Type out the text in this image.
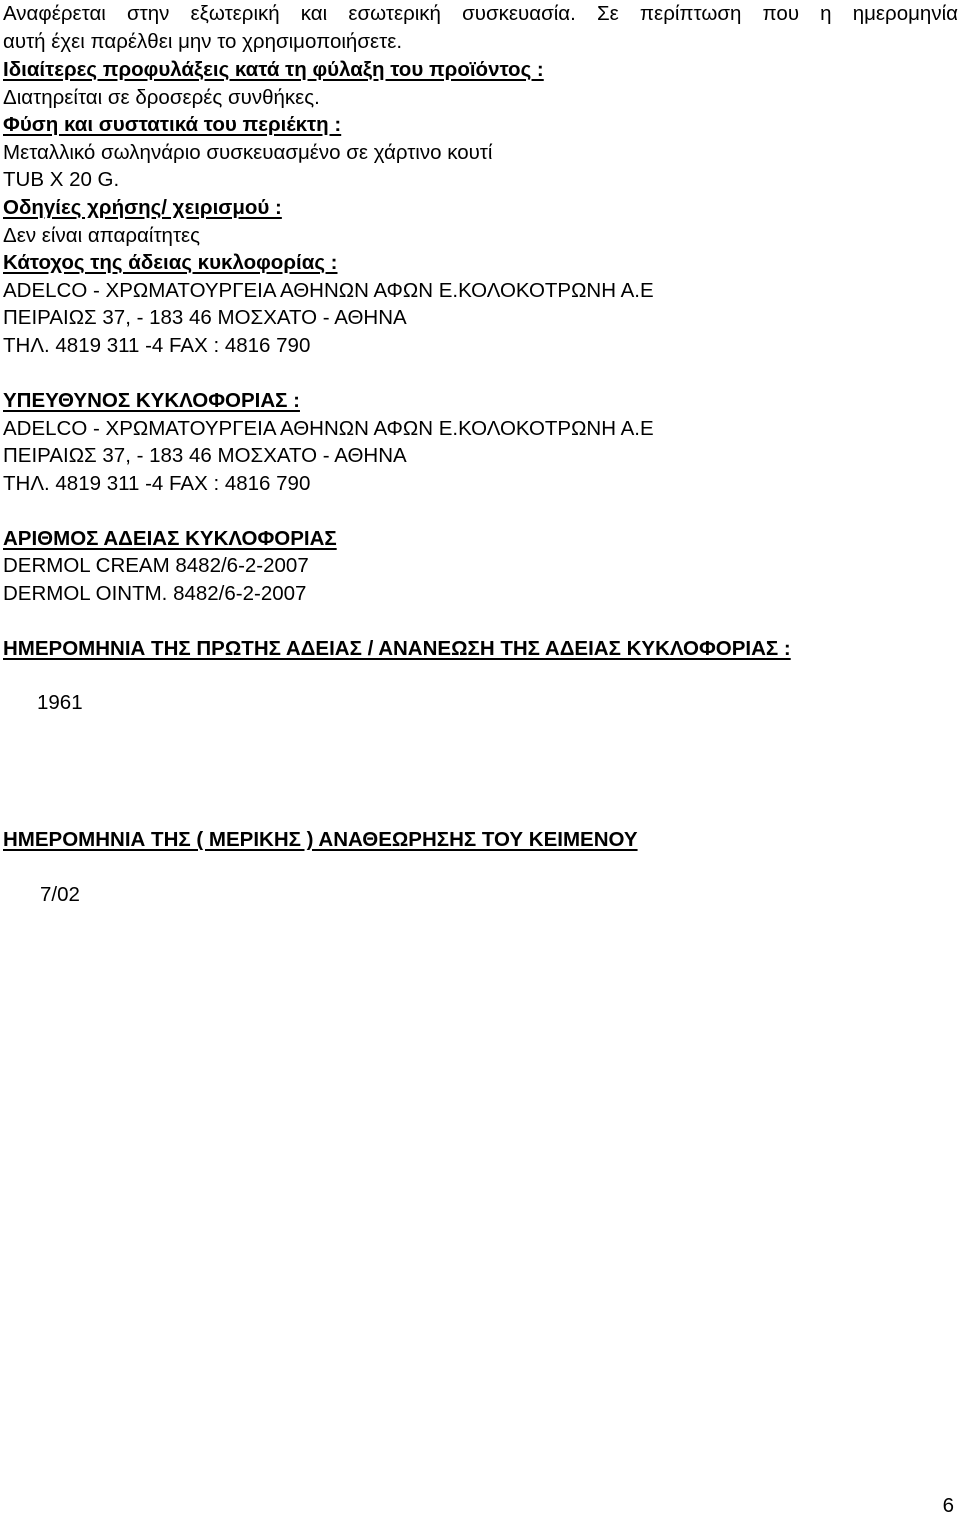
Αναφέρεται στην εξωτερική και εσωτερική συσκευασία. Σε περίπτωση που η ημερομηνία
αυτή έχει παρέλθει μην το χρησιμοποιήσετε.
Ιδιαίτερες προφυλάξεις κατά τη φύλαξη του προϊόντος :
Διατηρείται σε δροσερές συνθήκες.
Φύση και συστατικά του περιέκτη :
Μεταλλικό σωληνάριο συσκευασμένο σε χάρτινο κουτί
TUB X 20 G.
Οδηγίες χρήσης/ χειρισμού :
Δεν είναι απαραίτητες
Κάτοχος της άδειας κυκλοφορίας :
ADELCO - ΧΡΩΜΑΤΟΥΡΓΕΙΑ ΑΘΗΝΩΝ ΑΦΩΝ Ε.ΚΟΛΟΚΟΤΡΩΝΗ Α.Ε
ΠΕΙΡΑΙΩΣ 37, - 183 46 ΜΟΣΧΑΤΟ - ΑΘΗΝΑ
ΤΗΛ. 4819 311 -4 FAX : 4816 790
ΥΠΕΥΘΥΝΟΣ ΚΥΚΛΟΦΟΡΙΑΣ :
ADELCO - ΧΡΩΜΑΤΟΥΡΓΕΙΑ ΑΘΗΝΩΝ ΑΦΩΝ Ε.ΚΟΛΟΚΟΤΡΩΝΗ Α.Ε
ΠΕΙΡΑΙΩΣ 37, - 183 46 ΜΟΣΧΑΤΟ - ΑΘΗΝΑ
ΤΗΛ. 4819 311 -4 FAX : 4816 790
ΑΡΙΘΜΟΣ ΑΔΕΙΑΣ ΚΥΚΛΟΦΟΡΙΑΣ
DERMOL CREAM 8482/6-2-2007
DERMOL OINTM. 8482/6-2-2007
ΗΜΕΡΟΜΗΝΙΑ ΤΗΣ ΠΡΩΤΗΣ ΑΔΕΙΑΣ / ΑΝΑΝΕΩΣΗ ΤΗΣ ΑΔΕΙΑΣ ΚΥΚΛΟΦΟΡΙΑΣ :
1961
ΗΜΕΡΟΜΗΝΙΑ ΤΗΣ ( ΜΕΡΙΚΗΣ ) ΑΝΑΘΕΩΡΗΣΗΣ ΤΟΥ ΚΕΙΜΕΝΟΥ
7/02
6
